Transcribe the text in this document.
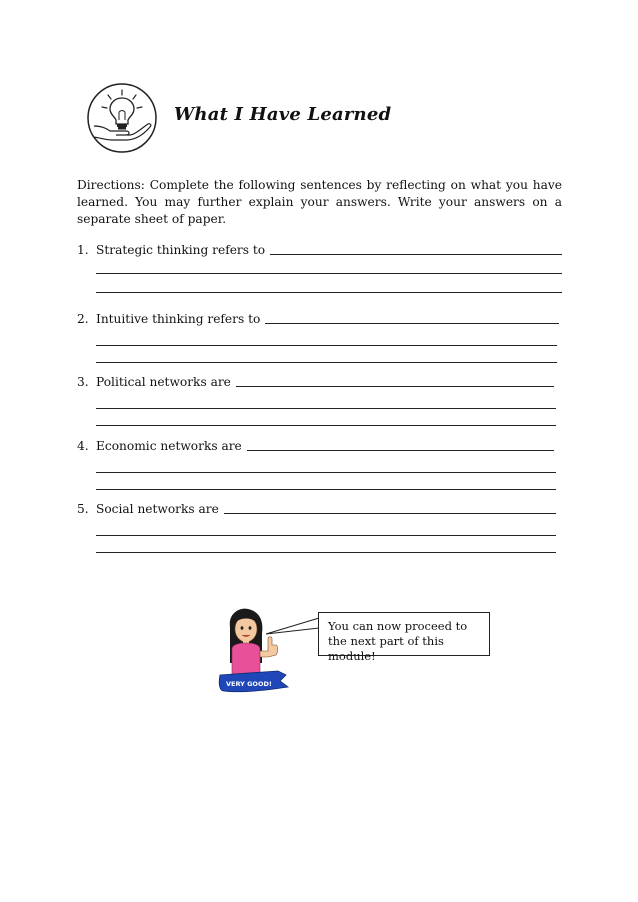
What I Have Learned
Directions: Complete the following sentences by reflecting on what you have learned. You may further explain your answers. Write your answers on a separate sheet of paper.
1. Strategic thinking refers to
2. Intuitive thinking refers to
3. Political networks are
4. Economic networks are
5. Social networks are
VERY GOOD!
You can now proceed to the next part of this module!
